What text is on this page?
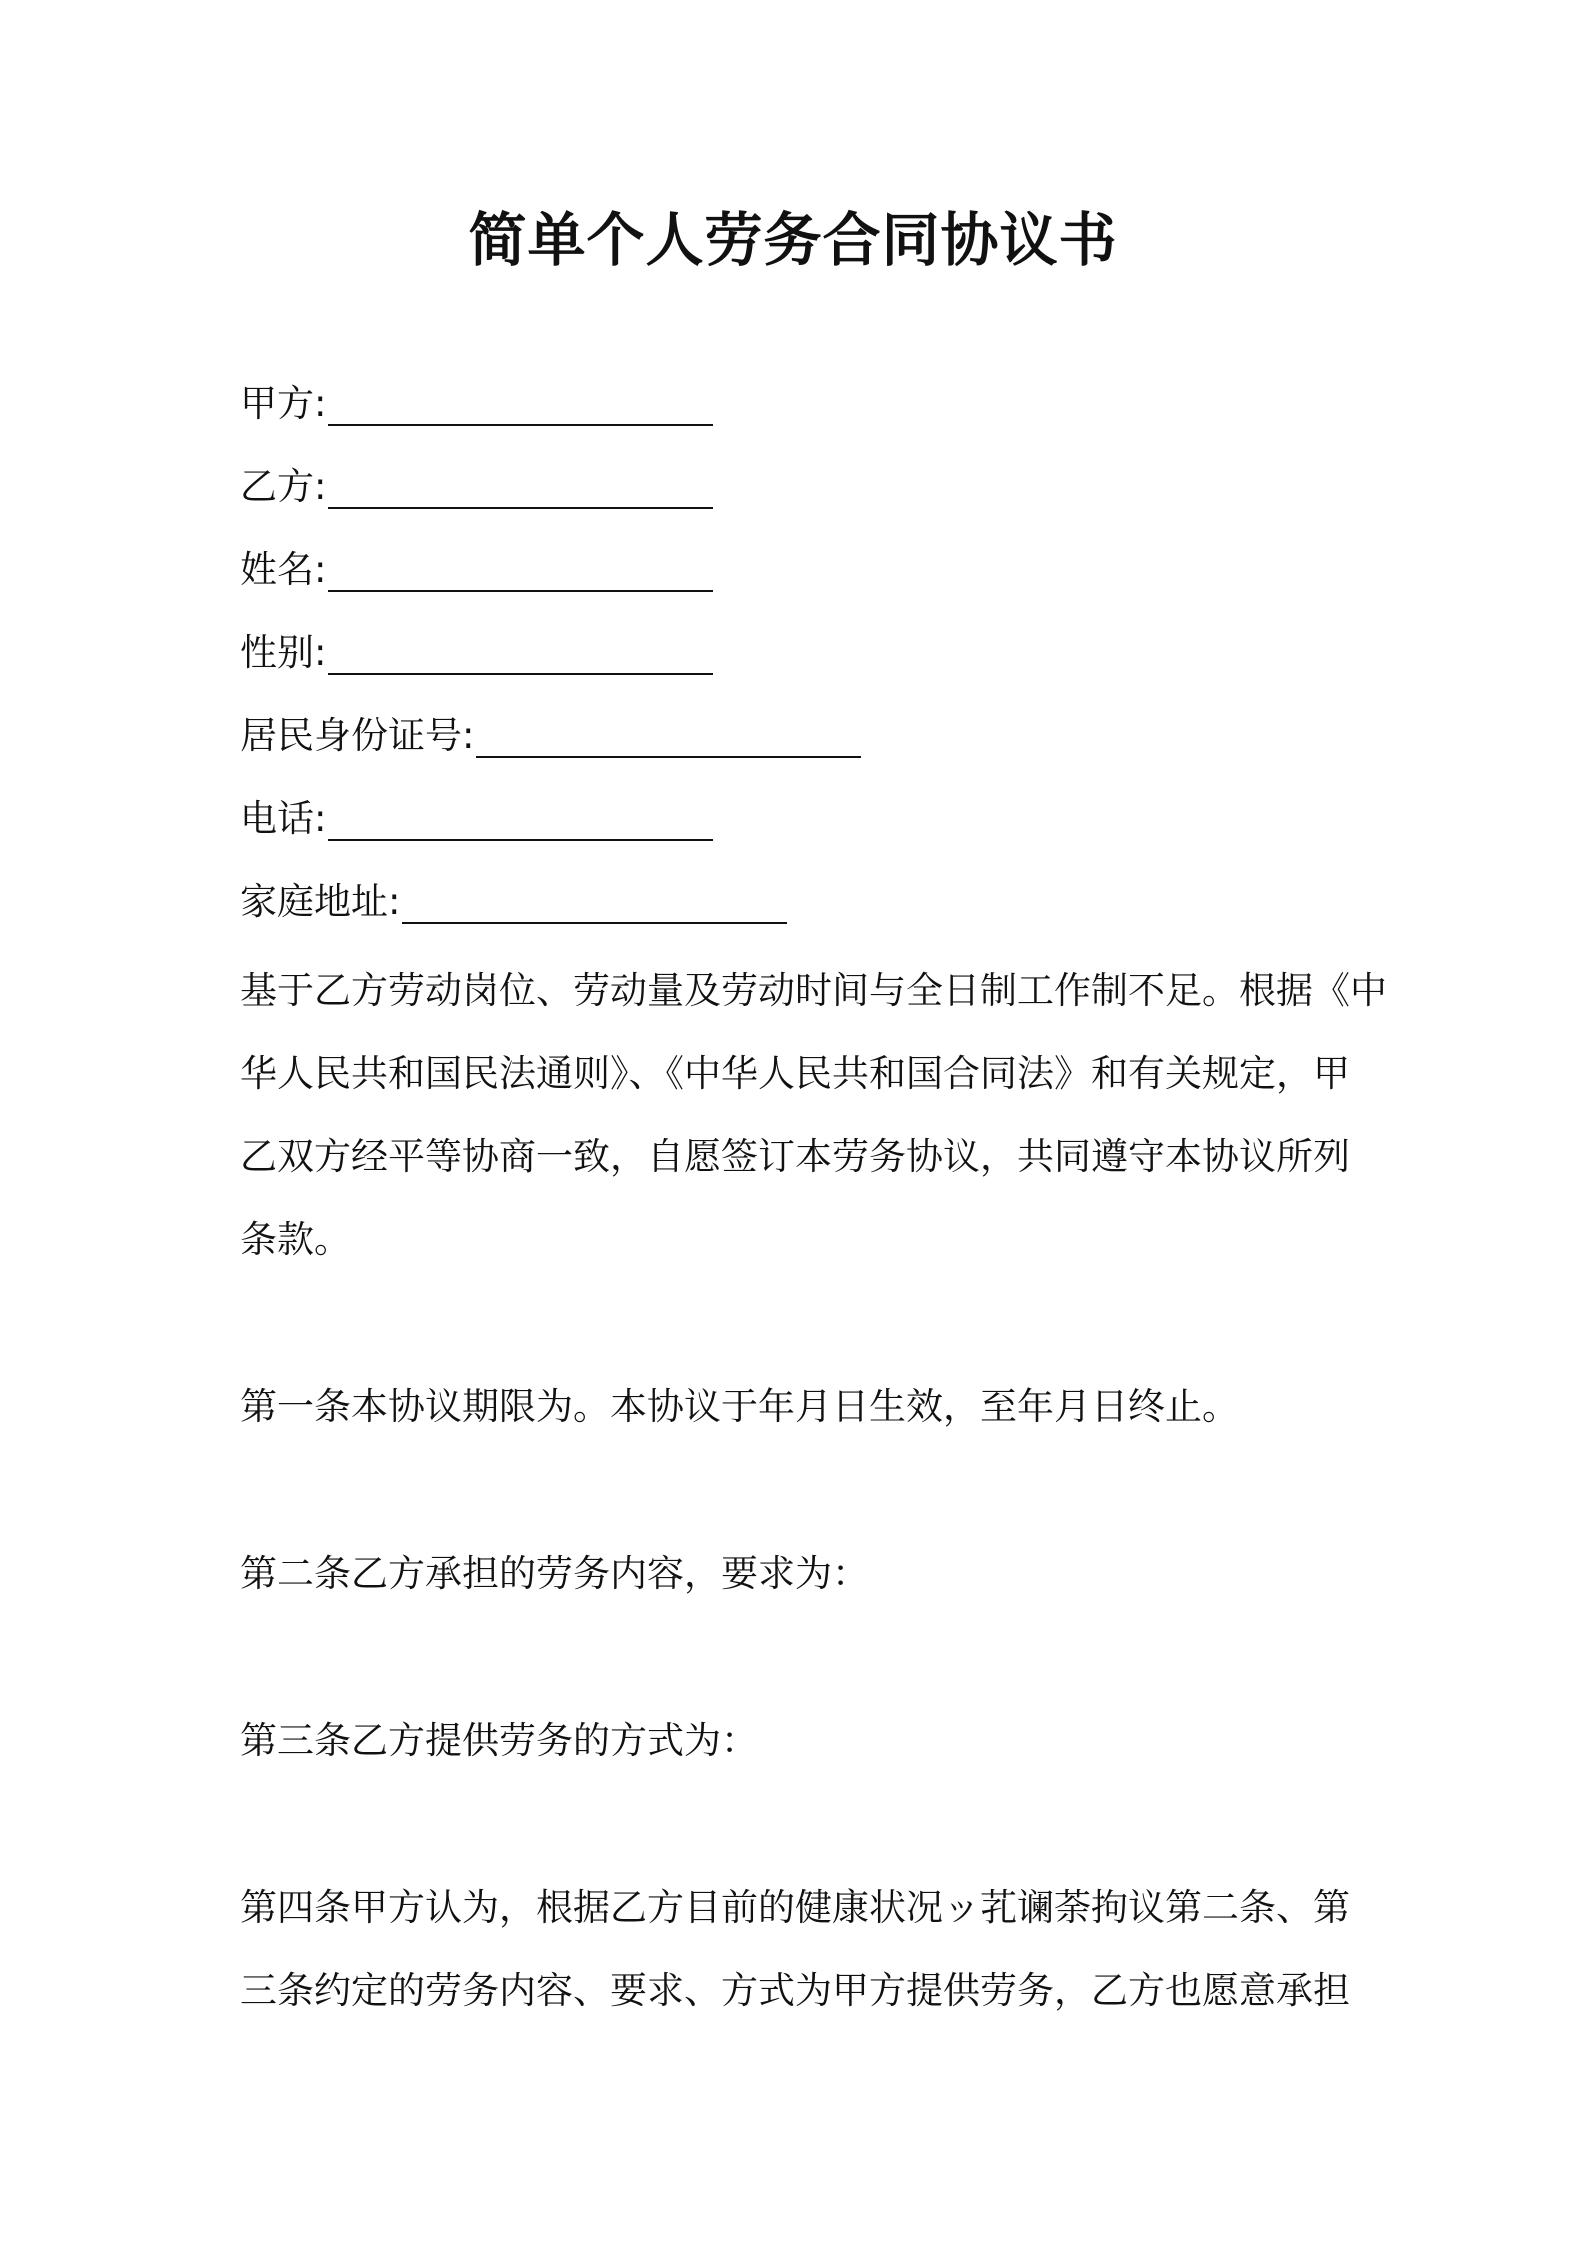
简单个人劳务合同协议书
甲方:
乙方:
姓名:
性别:
居民身份证号:
电话:
家庭地址:
基于乙方劳动岗位、劳动量及劳动时间与全日制工作制不足。根据《中
华人民共和国民法通则》、《中华人民共和国合同法》和有关规定，甲
乙双方经平等协商一致，自愿签订本劳务协议，共同遵守本协议所列
条款。
第一条本协议期限为。本协议于年月日生效，至年月日终止。
第二条乙方承担的劳务内容，要求为：
第三条乙方提供劳务的方式为：
第四条甲方认为，根据乙方目前的健康状况ッ芤谰荼拘议第二条、第
三条约定的劳务内容、要求、方式为甲方提供劳务，乙方也愿意承担
